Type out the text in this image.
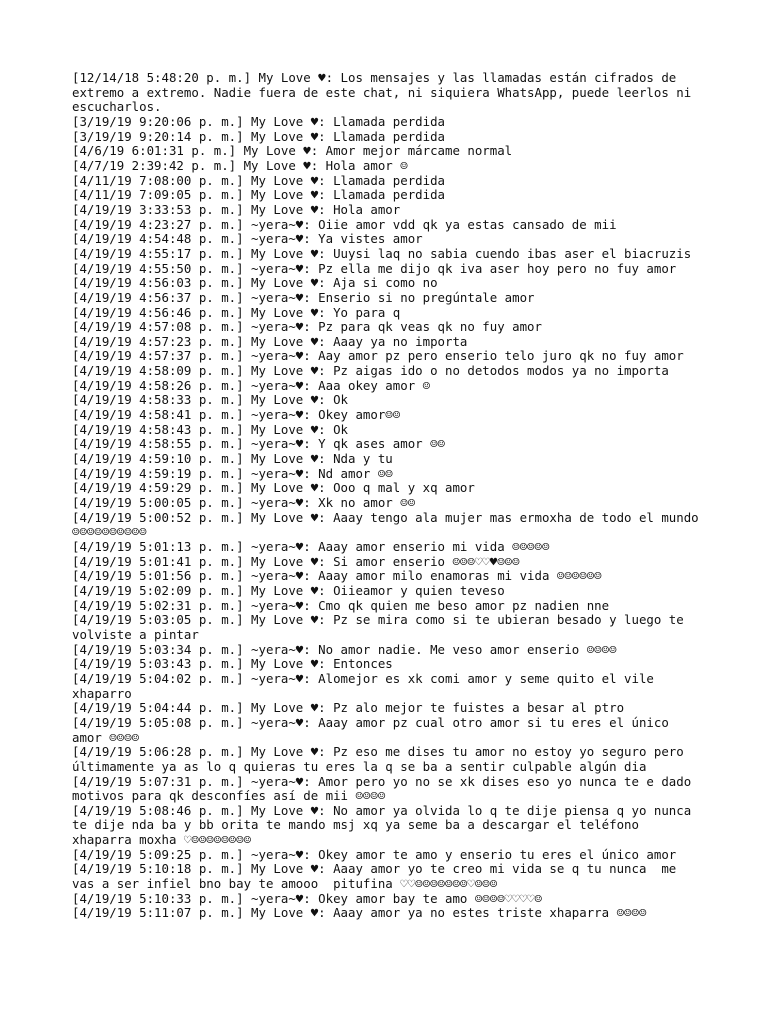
[12/14/18 5:48:20 p. m.] My Love ♥: Los mensajes y las llamadas están cifrados de extremo a extremo. Nadie fuera de este chat, ni siquiera WhatsApp, puede leerlos ni escucharlos.
[3/19/19 9:20:06 p. m.] My Love ♥: Llamada perdida
[3/19/19 9:20:14 p. m.] My Love ♥: Llamada perdida
[4/6/19 6:01:31 p. m.] My Love ♥: Amor mejor márcame normal
[4/7/19 2:39:42 p. m.] My Love ♥: Hola amor ☺
[4/11/19 7:08:00 p. m.] My Love ♥: Llamada perdida
[4/11/19 7:09:05 p. m.] My Love ♥: Llamada perdida
[4/19/19 3:33:53 p. m.] My Love ♥: Hola amor
[4/19/19 4:23:27 p. m.] ~yera~♥: Oiie amor vdd qk ya estas cansado de mii
[4/19/19 4:54:48 p. m.] ~yera~♥: Ya vistes amor
[4/19/19 4:55:17 p. m.] My Love ♥: Uuysi laq no sabia cuendo ibas aser el biacruzis
[4/19/19 4:55:50 p. m.] ~yera~♥: Pz ella me dijo qk iva aser hoy pero no fuy amor
[4/19/19 4:56:03 p. m.] My Love ♥: Aja si como no
[4/19/19 4:56:37 p. m.] ~yera~♥: Enserio si no pregúntale amor
[4/19/19 4:56:46 p. m.] My Love ♥: Yo para q
[4/19/19 4:57:08 p. m.] ~yera~♥: Pz para qk veas qk no fuy amor
[4/19/19 4:57:23 p. m.] My Love ♥: Aaay ya no importa
[4/19/19 4:57:37 p. m.] ~yera~♥: Aay amor pz pero enserio telo juro qk no fuy amor
[4/19/19 4:58:09 p. m.] My Love ♥: Pz aigas ido o no detodos modos ya no importa
[4/19/19 4:58:26 p. m.] ~yera~♥: Aaa okey amor ☺
[4/19/19 4:58:33 p. m.] My Love ♥: Ok
[4/19/19 4:58:41 p. m.] ~yera~♥: Okey amor☺☺
[4/19/19 4:58:43 p. m.] My Love ♥: Ok
[4/19/19 4:58:55 p. m.] ~yera~♥: Y qk ases amor ☺☺
[4/19/19 4:59:10 p. m.] My Love ♥: Nda y tu
[4/19/19 4:59:19 p. m.] ~yera~♥: Nd amor ☺☺
[4/19/19 4:59:29 p. m.] My Love ♥: Ooo q mal y xq amor
[4/19/19 5:00:05 p. m.] ~yera~♥: Xk no amor ☺☺
[4/19/19 5:00:52 p. m.] My Love ♥: Aaay tengo ala mujer mas ermoxha de todo el mundo ☺☺☺☺☺☺☺☺☺☺
[4/19/19 5:01:13 p. m.] ~yera~♥: Aaay amor enserio mi vida ☺☺☺☺☺
[4/19/19 5:01:41 p. m.] My Love ♥: Si amor enserio ☺☺☺♡♡♥☺☺☺
[4/19/19 5:01:56 p. m.] ~yera~♥: Aaay amor milo enamoras mi vida ☺☺☺☺☺☺
[4/19/19 5:02:09 p. m.] My Love ♥: Oiieamor y quien teveso
[4/19/19 5:02:31 p. m.] ~yera~♥: Cmo qk quien me beso amor pz nadien nne
[4/19/19 5:03:05 p. m.] My Love ♥: Pz se mira como si te ubieran besado y luego te volviste a pintar
[4/19/19 5:03:34 p. m.] ~yera~♥: No amor nadie. Me veso amor enserio ☺☺☺☺
[4/19/19 5:03:43 p. m.] My Love ♥: Entonces
[4/19/19 5:04:02 p. m.] ~yera~♥: Alomejor es xk comi amor y seme quito el vile xhaparro
[4/19/19 5:04:44 p. m.] My Love ♥: Pz alo mejor te fuistes a besar al ptro
[4/19/19 5:05:08 p. m.] ~yera~♥: Aaay amor pz cual otro amor si tu eres el único amor ☺☺☺☺
[4/19/19 5:06:28 p. m.] My Love ♥: Pz eso me dises tu amor no estoy yo seguro pero últimamente ya as lo q quieras tu eres la q se ba a sentir culpable algún dia
[4/19/19 5:07:31 p. m.] ~yera~♥: Amor pero yo no se xk dises eso yo nunca te e dado motivos para qk desconfíes así de mii ☺☺☺☺
[4/19/19 5:08:46 p. m.] My Love ♥: No amor ya olvida lo q te dije piensa q yo nunca te dije nda ba y bb orita te mando msj xq ya seme ba a descargar el teléfono xhaparra moxha ♡☺☺☺☺☺☺☺☺
[4/19/19 5:09:25 p. m.] ~yera~♥: Okey amor te amo y enserio tu eres el único amor
[4/19/19 5:10:18 p. m.] My Love ♥: Aaay amor yo te creo mi vida se q tu nunca  me vas a ser infiel bno bay te amooo  pitufina ♡♡☺☺☺☺☺☺☺♡☺☺☺
[4/19/19 5:10:33 p. m.] ~yera~♥: Okey amor bay te amo ☺☺☺☺♡♡♡♡☺
[4/19/19 5:11:07 p. m.] My Love ♥: Aaay amor ya no estes triste xhaparra ☺☺☺☺
